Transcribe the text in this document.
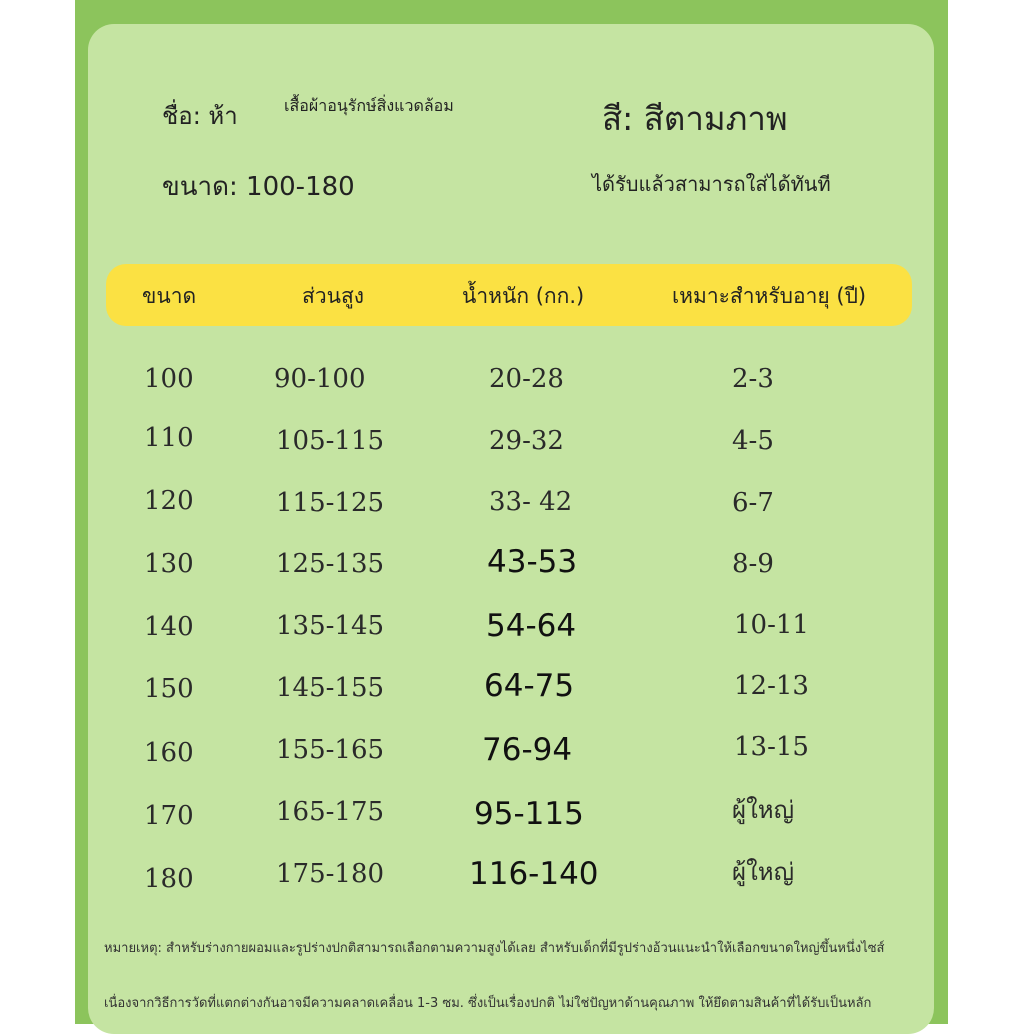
ชื่อ: ห้า	เสื้อผ้าอนุรักษ์สิ่งแวดล้อม	สี: สีตามภาพ
ขนาด: 100-180	ได้รับแล้วสามารถใส่ได้ทันที
ขนาด	ส่วนสูง	น้ำหนัก (กก.)	เหมาะสำหรับอายุ (ปี)
100	90-100	20-28	2-3
110	105-115	29-32	4-5
120	115-125	33- 42	6-7
130	125-135	43-53	8-9
140	135-145	54-64	10-11
150	145-155	64-75	12-13
160	155-165	76-94	13-15
170	165-175	95-115	ผู้ใหญ่
180	175-180	116-140	ผู้ใหญ่
หมายเหตุ: สำหรับร่างกายผอมและรูปร่างปกติสามารถเลือกตามความสูงได้เลย สำหรับเด็กที่มีรูปร่างอ้วนแนะนำให้เลือกขนาดใหญ่ขึ้นหนึ่งไซส์
เนื่องจากวิธีการวัดที่แตกต่างกันอาจมีความคลาดเคลื่อน 1-3 ซม. ซึ่งเป็นเรื่องปกติ ไม่ใช่ปัญหาด้านคุณภาพ ให้ยึดตามสินค้าที่ได้รับเป็นหลัก
